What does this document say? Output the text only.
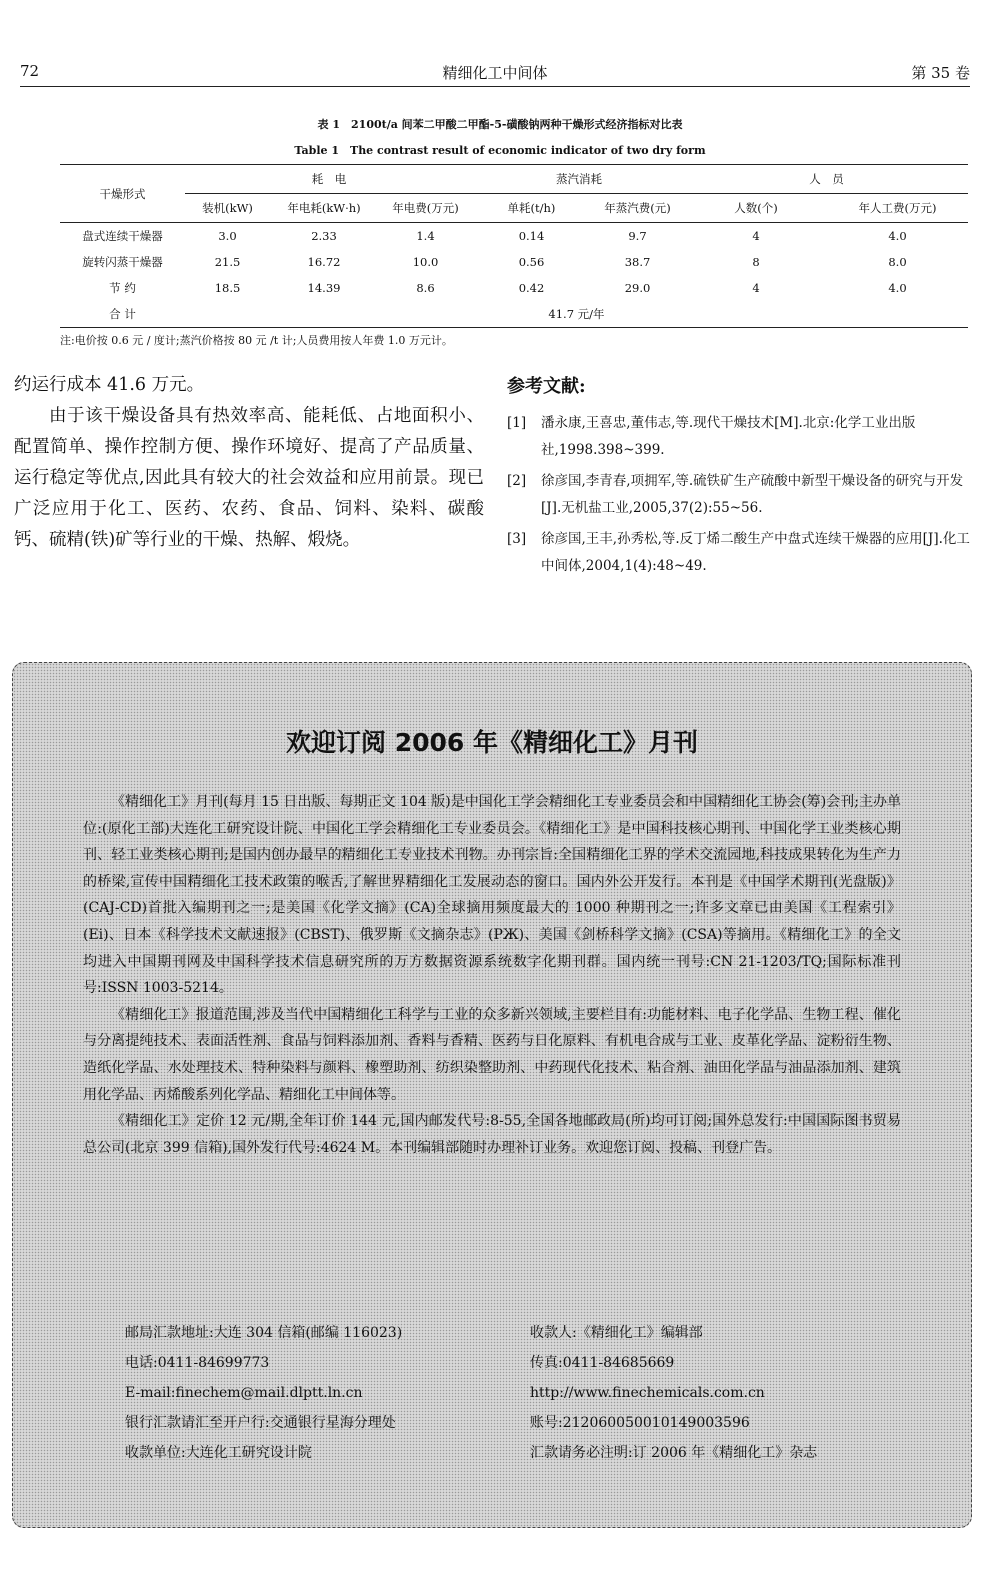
72	精细化工中间体	第 35 卷
表 1　2100t/a 间苯二甲酸二甲酯-5-磺酸钠两种干燥形式经济指标对比表
Table 1　The contrast result of economic indicator of two dry form
干燥形式	耗　电			蒸汽消耗		人　员	
	装机(kW)	年电耗(kW·h)	年电费(万元)	单耗(t/h)	年蒸汽费(元)	人数(个)	年人工费(万元)
盘式连续干燥器	3.0	2.33	1.4	0.14	9.7	4	4.0
旋转闪蒸干燥器	21.5	16.72	10.0	0.56	38.7	8	8.0
节 约	18.5	14.39	8.6	0.42	29.0	4	4.0
合 计	41.7 元/年						
注:电价按 0.6 元 / 度计;蒸汽价格按 80 元 /t 计;人员费用按人年费 1.0 万元计。

约运行成本 41.6 万元。

由于该干燥设备具有热效率高、能耗低、占地面积小、配置简单、操作控制方便、操作环境好、提高了产品质量、运行稳定等优点,因此具有较大的社会效益和应用前景。现已广泛应用于化工、医药、农药、食品、饲料、染料、碳酸钙、硫精(铁)矿等行业的干燥、热解、煅烧。

参考文献:
[1] 潘永康,王喜忠,董伟志,等.现代干燥技术[M].北京:化学工业出版社,1998.398~399.
[2] 徐彦国,李青春,项拥军,等.硫铁矿生产硫酸中新型干燥设备的研究与开发[J].无机盐工业,2005,37(2):55~56.
[3] 徐彦国,王丰,孙秀松,等.反丁烯二酸生产中盘式连续干燥器的应用[J].化工中间体,2004,1(4):48~49.
欢迎订阅 2006 年《精细化工》月刊

《精细化工》月刊(每月 15 日出版、每期正文 104 版)是中国化工学会精细化工专业委员会和中国精细化工协会(筹)会刊;主办单位:(原化工部)大连化工研究设计院、中国化工学会精细化工专业委员会。《精细化工》是中国科技核心期刊、中国化学工业类核心期刊、轻工业类核心期刊;是国内创办最早的精细化工专业技术刊物。办刊宗旨:全国精细化工界的学术交流园地,科技成果转化为生产力的桥梁,宣传中国精细化工技术政策的喉舌,了解世界精细化工发展动态的窗口。国内外公开发行。本刊是《中国学术期刊(光盘版)》(CAJ-CD)首批入编期刊之一;是美国《化学文摘》(CA)全球摘用频度最大的 1000 种期刊之一;许多文章已由美国《工程索引》(Ei)、日本《科学技术文献速报》(CBST)、俄罗斯《文摘杂志》(РЖ)、美国《剑桥科学文摘》(CSA)等摘用。《精细化工》的全文均进入中国期刊网及中国科学技术信息研究所的万方数据资源系统数字化期刊群。国内统一刊号:CN 21-1203/TQ;国际标准刊号:ISSN 1003-5214。

《精细化工》报道范围,涉及当代中国精细化工科学与工业的众多新兴领域,主要栏目有:功能材料、电子化学品、生物工程、催化与分离提纯技术、表面活性剂、食品与饲料添加剂、香料与香精、医药与日化原料、有机电合成与工业、皮革化学品、淀粉衍生物、造纸化学品、水处理技术、特种染料与颜料、橡塑助剂、纺织染整助剂、中药现代化技术、粘合剂、油田化学品与油品添加剂、建筑用化学品、丙烯酸系列化学品、精细化工中间体等。

《精细化工》定价 12 元/期,全年订价 144 元,国内邮发代号:8-55,全国各地邮政局(所)均可订阅;国外总发行:中国国际图书贸易总公司(北京 399 信箱),国外发行代号:4624 M。本刊编辑部随时办理补订业务。欢迎您订阅、投稿、刊登广告。

邮局汇款地址:大连 304 信箱(邮编 116023)
电话:0411-84699773
E-mail:finechem@mail.dlptt.ln.cn
银行汇款请汇至开户行:交通银行星海分理处
收款单位:大连化工研究设计院
收款人:《精细化工》编辑部
传真:0411-84685669
http://www.finechemicals.com.cn
账号:212060050010149003596
汇款请务必注明:订 2006 年《精细化工》杂志
